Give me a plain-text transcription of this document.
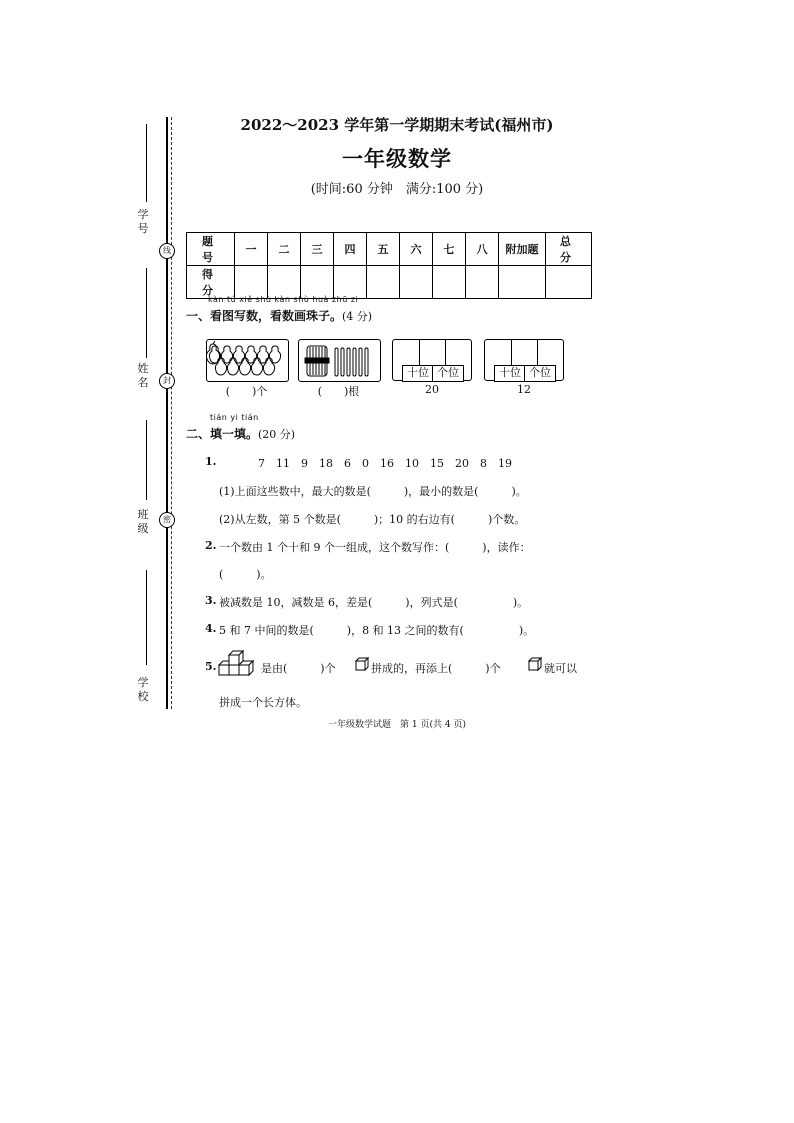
线
封
密
学号
姓名
班级
学校
2022～2023 学年第一学期期末考试(福州市)
一年级数学
(时间:60 分钟　满分:100 分)
题　号	一	二	三	四	五	六	七	八	附加题	总　分
得　分										
kàn tú xiě shù kàn shù huà zhū zi
一、看图写数，看数画珠子。(4 分)
(　　)个	(　　)根
十位 个位
20
十位 个位
12
tián yi tián
二、填一填。(20 分)
1.	7　11　9　18　6　0　16　10　15　20　8　19
(1)上面这些数中，最大的数是(　　　)，最小的数是(　　　)。
(2)从左数，第 5 个数是(　　　)；10 的右边有(　　　)个数。
2. 一个数由 1 个十和 9 个一组成，这个数写作：(　　　)，读作：
(　　　)。
3. 被减数是 10，减数是 6，差是(　　　)，列式是(　　　　　)。
4. 5 和 7 中间的数是(　　　)，8 和 13 之间的数有(　　　　　)。
5.	是由(　　　)个	拼成的，再添上(　　　)个	就可以
拼成一个长方体。
一年级数学试题　第 1 页(共 4 页)
